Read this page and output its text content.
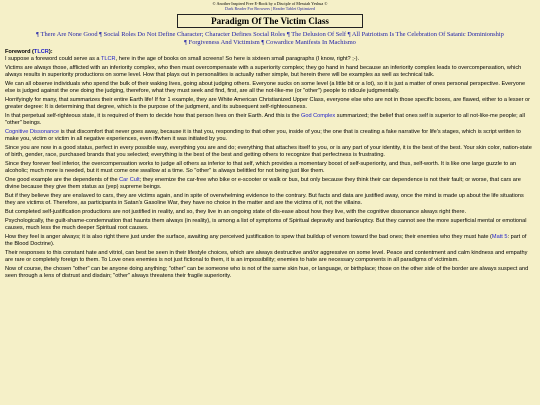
© Another Inspired Free E-Book by a Disciple of Messiah Yeshua ©
Dark Reader For Browsers | Reader Tablet Optimized
Paradigm Of The Victim Class
¶ There Are None Good ¶ Social Roles Do Not Define Character; Character Defines Social Roles ¶ The Delusion Of Self ¶ All Patriotism Is The Celebration Of Satanic Dominionship
¶ Forgiveness And Victimism ¶ Cowardice Manifests In Machismo
Foreword (TLCR):

I suppose a foreword could serve as a TLCR, here in the age of books on small screens! So here is sixteen small paragraphs (I know, right? ;-).

Victims are always those, afflicted with an inferiority complex, who then must overcompensate with a superiority complex; they go hand in hand because an inferiority complex leads to overcompensation, which always results in superiority productions on some level. How that plays out in personalities is actually rather simple, but herein there will be examples as well as technical talk.

We can all observe individuals who spend the bulk of their waking lives, going about judging others. Everyone sucks on some level (a little bit or a lot), so it is just a matter of ones personal perspective. Everyone else is judged against the one doing the judging, therefore, what they must seek and find, first, are all the not-like-me (or "other") people to ridicule judgmentally.

Horrifyingly for many, that summarizes their entire Earth life! If for 1 example, they are White American Christianized Upper Class, everyone else who are not in those specific boxes, are flawed, either to a lesser or greater degree: It is determining that degree, which is the purpose of the judgment, and its subsequent self-righteousness.

In that perpetual self-righteous state, it is required of them to decide how that person lives on their Earth. And this is the God Complex summarized; the belief that ones self is superior to all not-like-me people; all "other" beings.

Cognitive Dissonance is that discomfort that never goes away, because it is that you, responding to that other you, inside of you; the one that is creating a fake narrative for life's stages, which is script written to make you, victim or victim in all negative experiences, even iffwhen it was initiated by you.

Since you are now in a good status, perfect in every possible way, everything you are and do; everything that attaches itself to you, or is any part of your identity, it is the best of the best. Your skin color, nation-state of birth, gender, race, purchased brands that you selected; everything is the best of the best and getting others to recognize that perfectness is frustrating.

Since they forever feel inferior, the overcompensation works to judge all others as inferior to that self, which provides a momentary boost of self-superiority, and thus, self-worth. It is like one large guzzle to an alcoholic; much more is needed, but it must come one swallow at a time. So "other" is always belittled for not being just like them.

One good example are the dependents of the Car Cult; they enemize the car-free who bike or e-scooter or walk or bus, but only because they think their car dependence is not their fault; or worse, that cars are divine because they give them status as (yep) supreme beings.

But if they believe they are enslaved to cars, they are victims again, and in spite of overwhelming evidence to the contrary. But facts and data are justified away, once the mind is made up about the life situations they are victims of. Therefore, as participants in Satan's Gasoline War, they have no choice in the matter and are the victims of it, not the villains.

But completed self-justification productions are not justified in reality, and so, they live in an ongoing state of dis-ease about how they live, with the cognitive dissonance always right there.

Psychologically, the guilt-shame-condemnation that haunts them always (in reality), is among a list of symptoms of Spiritual depravity and bankruptcy. But they cannot see the more superficial mental or emotional causes, much less the much deeper Spiritual root causes.

How they feel is anger always; it is also right there just under the surface, awaiting any perceived justification to spew that buildup of venom toward the bad ones; their enemies who they must hate (Matt 5: part of the Blood Doctrine).

Their responses to this constant hate and vitriol, can best be seen in their lifestyle choices, which are always destructive and/or aggressive on some level. Peace and contentment and calm kindness and empathy are rare or completely foreign to them. To Love ones enemies is not just fictional to them, it is an impossibility; enemies to hate are necessary components in all paradigms of victimism.

Now of course, the chosen "other" can be anyone doing anything; "other" can be someone who is not of the same skin hue, or language, or birthplace; those on the other side of the border are always suspect and seen through a lens of distrust and disdain; "other" always threatens their fragile superiority.
